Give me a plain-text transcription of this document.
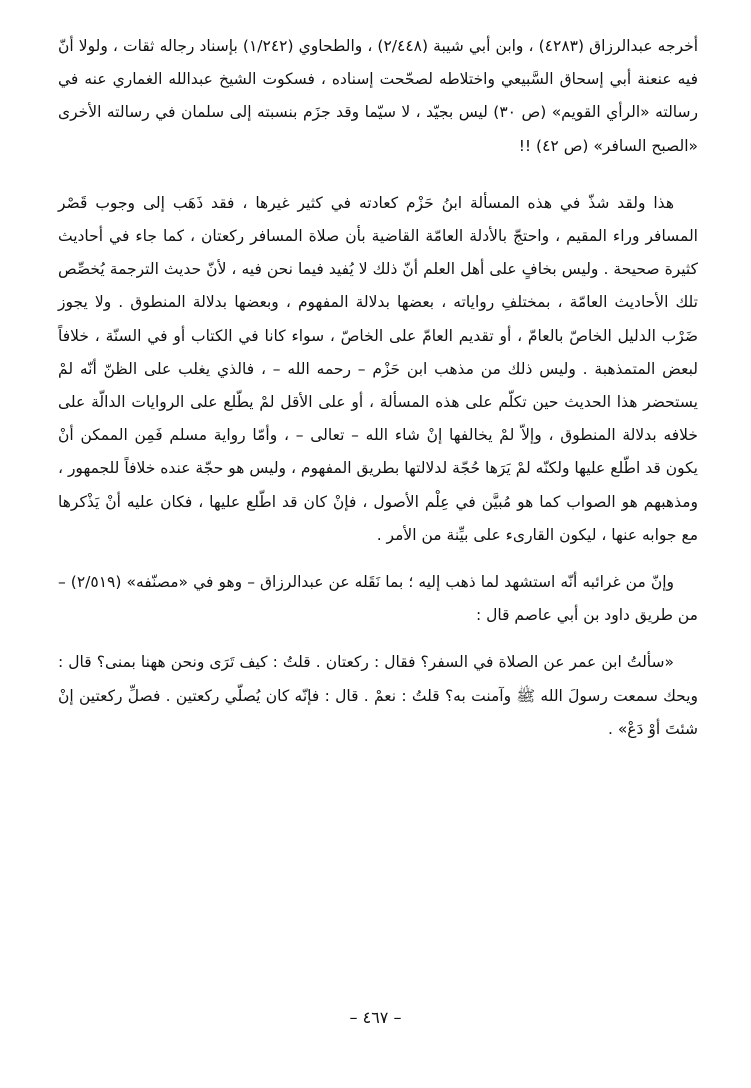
أخرجه عبدالرزاق (٤٢٨٣) ، وابن أبي شيبة (٢/٤٤٨) ، والطحاوي (١/٢٤٢) بإسناد رجاله ثقات ، ولولا أنّ فيه عنعنة أبي إسحاق السَّبيعي واختلاطه لصحّحت إسناده ، فسكوت الشيخ عبدالله الغماري عنه في رسالته «الرأي القويم» (ص ٣٠) ليس بجيّد ، لا سيّما وقد جزَم بنسبته إلى سلمان في رسالته الأخرى «الصبح السافر» (ص ٤٢) !!

هذا ولقد شذّ في هذه المسألة ابنُ حَزْم كعادته في كثير غيرها ، فقد ذَهَب إلى وجوب قَصْر المسافر وراء المقيم ، واحتجّ بالأدلة العامّة القاضية بأن صلاة المسافر ركعتان ، كما جاء في أحاديث كثيرة صحيحة . وليس بخافٍ على أهل العلم أنّ ذلك لا يُفيد فيما نحن فيه ، لأنّ حديث الترجمة يُخصِّص تلك الأحاديث العامّة ، بمختلفِ رواياته ، بعضها بدلالة المفهوم ، وبعضها بدلالة المنطوق . ولا يجوز ضَرْب الدليل الخاصّ بالعامّ ، أو تقديم العامّ على الخاصّ ، سواء كانا في الكتاب أو في السنّة ، خلافاً لبعض المتمذهبة . وليس ذلك من مذهب ابن حَزْم – رحمه الله – ، فالذي يغلب على الظنّ أنّه لمْ يستحضر هذا الحديث حين تكلّم على هذه المسألة ، أو على الأقل لمْ يطّلع على الروايات الدالّة على خلافه بدلالة المنطوق ، وإلاّ لمْ يخالفها إنْ شاء الله – تعالى – ، وأمّا رواية مسلم فَمِن الممكن أنْ يكون قد اطّلع عليها ولكنّه لمْ يَرَها حُجّة لدلالتها بطريق المفهوم ، وليس هو حجّة عنده خلافاً للجمهور ، ومذهبهم هو الصواب كما هو مُبيَّن في عِلْم الأصول ، فإنْ كان قد اطّلع عليها ، فكان عليه أنْ يَذْكرها مع جوابه عنها ، ليكون القارىء على بيِّنة من الأمر .

وإنّ من غرائبه أنّه استشهد لما ذهب إليه ؛ بما نَقَله عن عبدالرزاق – وهو في «مصنّفه» (٢/٥١٩) – من طريق داود بن أبي عاصم قال :

«سألتُ ابن عمر عن الصلاة في السفر؟ فقال : ركعتان . قلتُ : كيف تَرَى ونحن ههنا بمنى؟ قال : ويحك سمعت رسولَ الله ﷺ وآمنت به؟ قلتُ : نعمْ . قال : فإنّه كان يُصلّي ركعتين . فصلِّ ركعتين إنْ شئتَ أوْ دَعْ» .

– ٤٦٧ –
